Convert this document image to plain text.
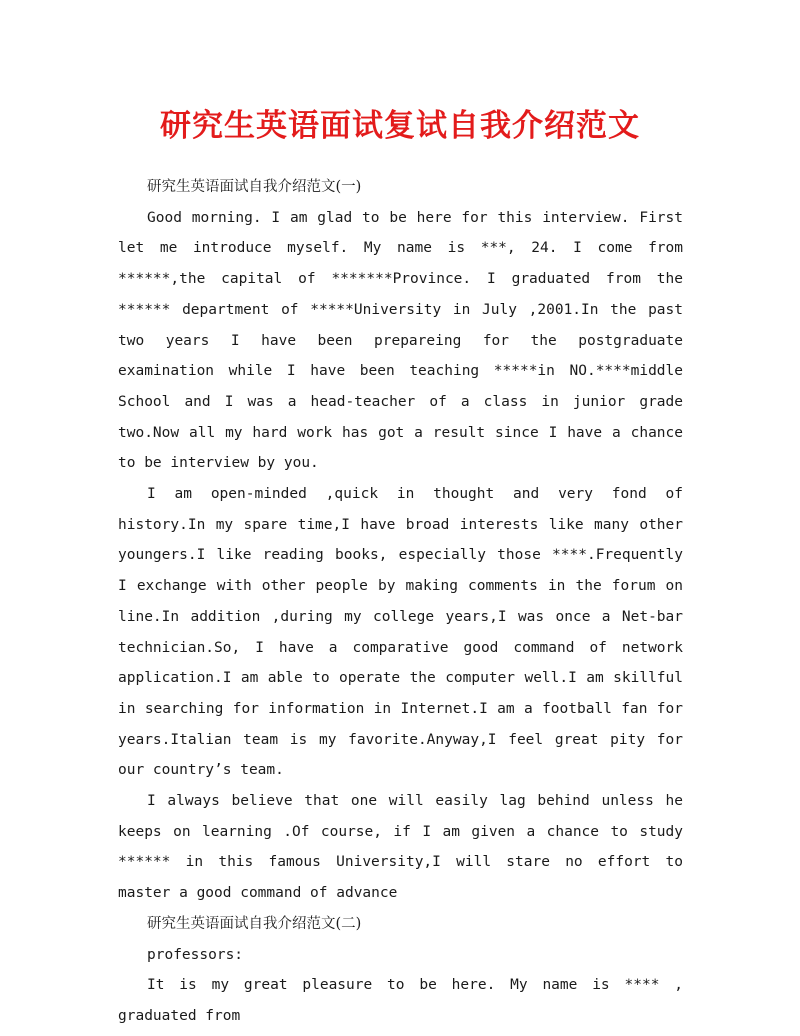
研究生英语面试复试自我介绍范文

研究生英语面试自我介绍范文(一)

Good morning. I am glad to be here for this interview. First let me introduce myself. My name is ***, 24. I come from ******,the capital of *******Province. I graduated from the ****** department of *****University in July ,2001.In the past two years I have been prepareing for the postgraduate examination while I have been teaching *****in NO.****middle School and I was a head-teacher of a class in junior grade two.Now all my hard work has got a result since I have a chance to be interview by you.

I am open-minded ,quick in thought and very fond of history.In my spare time,I have broad interests like many other youngers.I like reading books, especially those ****.Frequently I exchange with other people by making comments in the forum on line.In addition ,during my college years,I was once a Net-bar technician.So, I have a comparative good command of network application.I am able to operate the computer well.I am skillful in searching for information in Internet.I am a football fan for years.Italian team is my favorite.Anyway,I feel great pity for our country’s team.

I always believe that one will easily lag behind unless he keeps on learning .Of course, if I am given a chance to study ****** in this famous University,I will stare no effort to master a good command of advance

研究生英语面试自我介绍范文(二)

professors:

It is my great pleasure to be here. My name is **** , graduated from
